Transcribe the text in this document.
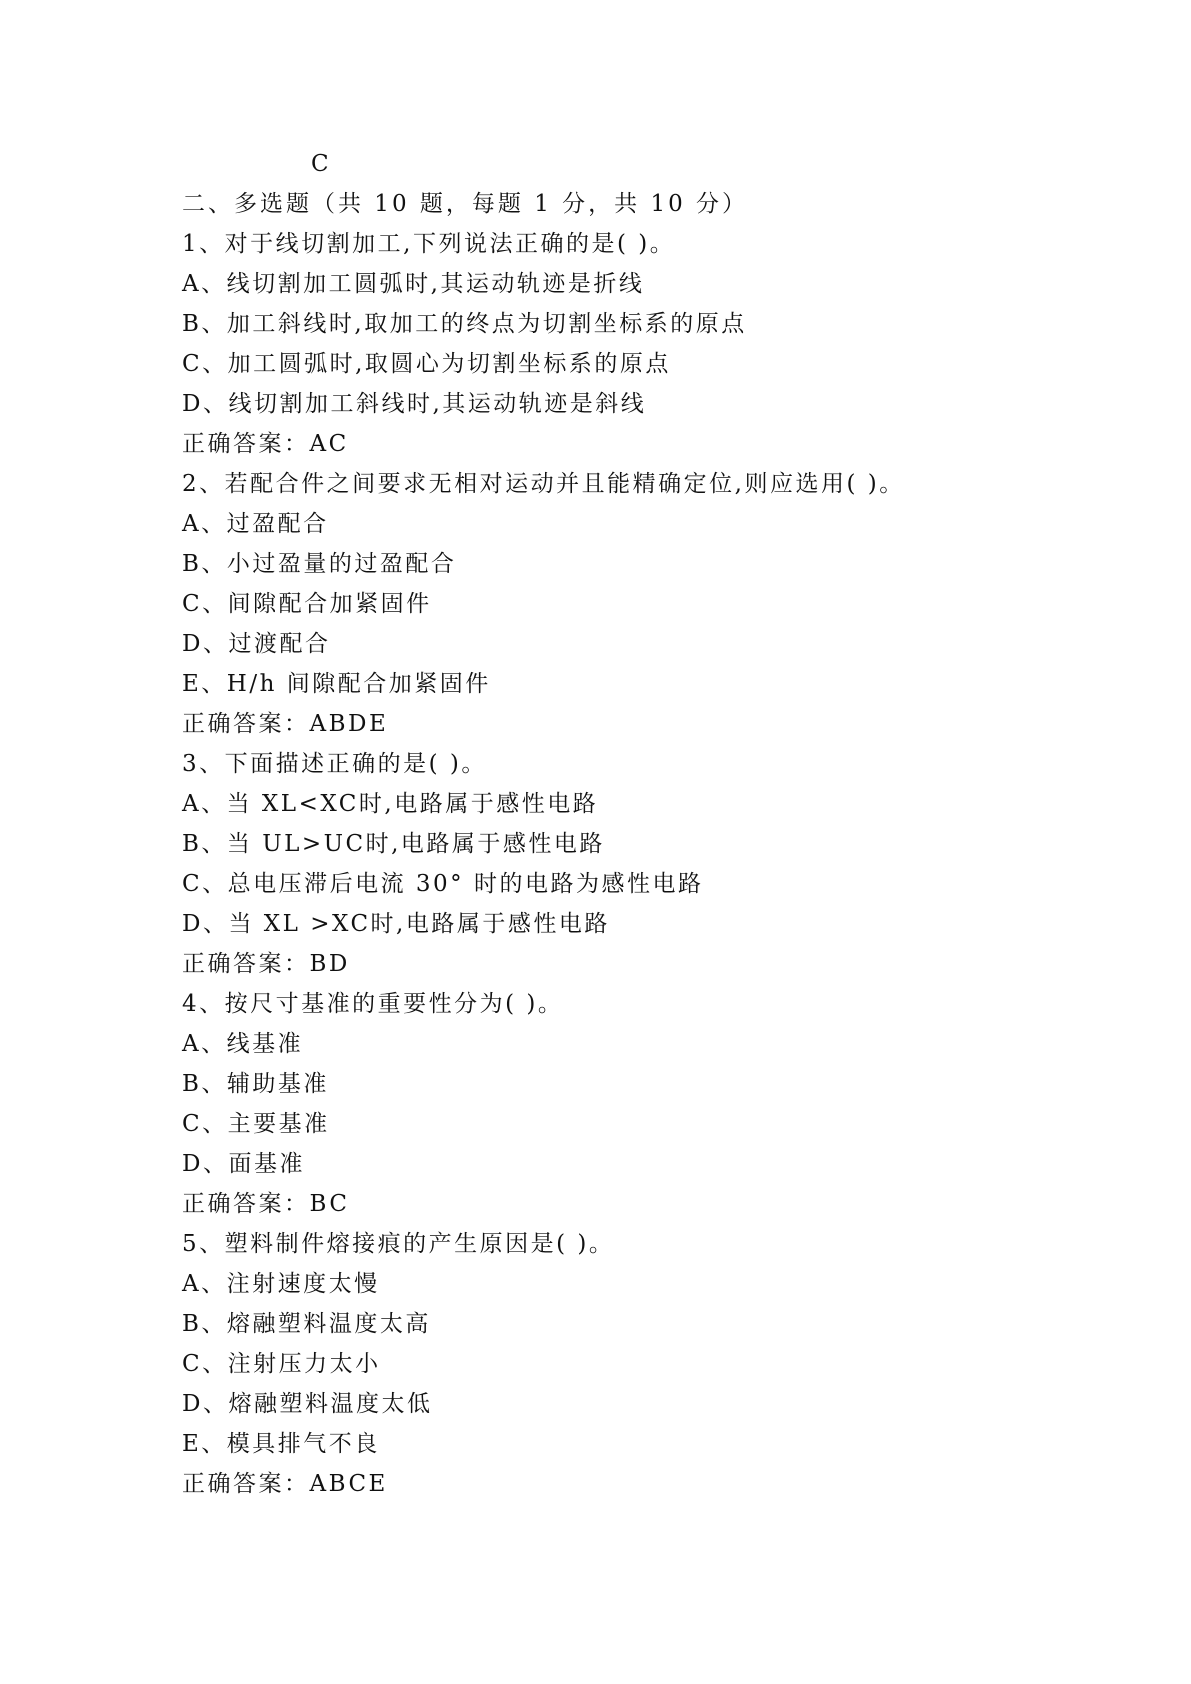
C
二、多选题（共 10 题，每题 1 分，共 10 分）
1、对于线切割加工,下列说法正确的是( )。
A、线切割加工圆弧时,其运动轨迹是折线
B、加工斜线时,取加工的终点为切割坐标系的原点
C、加工圆弧时,取圆心为切割坐标系的原点
D、线切割加工斜线时,其运动轨迹是斜线
正确答案：AC
2、若配合件之间要求无相对运动并且能精确定位,则应选用( )。
A、过盈配合
B、小过盈量的过盈配合
C、间隙配合加紧固件
D、过渡配合
E、H/h 间隙配合加紧固件
正确答案：ABDE
3、下面描述正确的是( )。
A、当 XL<XC时,电路属于感性电路
B、当 UL>UC时,电路属于感性电路
C、总电压滞后电流 30° 时的电路为感性电路
D、当 XL >XC时,电路属于感性电路
正确答案：BD
4、按尺寸基准的重要性分为( )。
A、线基准
B、辅助基准
C、主要基准
D、面基准
正确答案：BC
5、塑料制件熔接痕的产生原因是( )。
A、注射速度太慢
B、熔融塑料温度太高
C、注射压力太小
D、熔融塑料温度太低
E、模具排气不良
正确答案：ABCE
